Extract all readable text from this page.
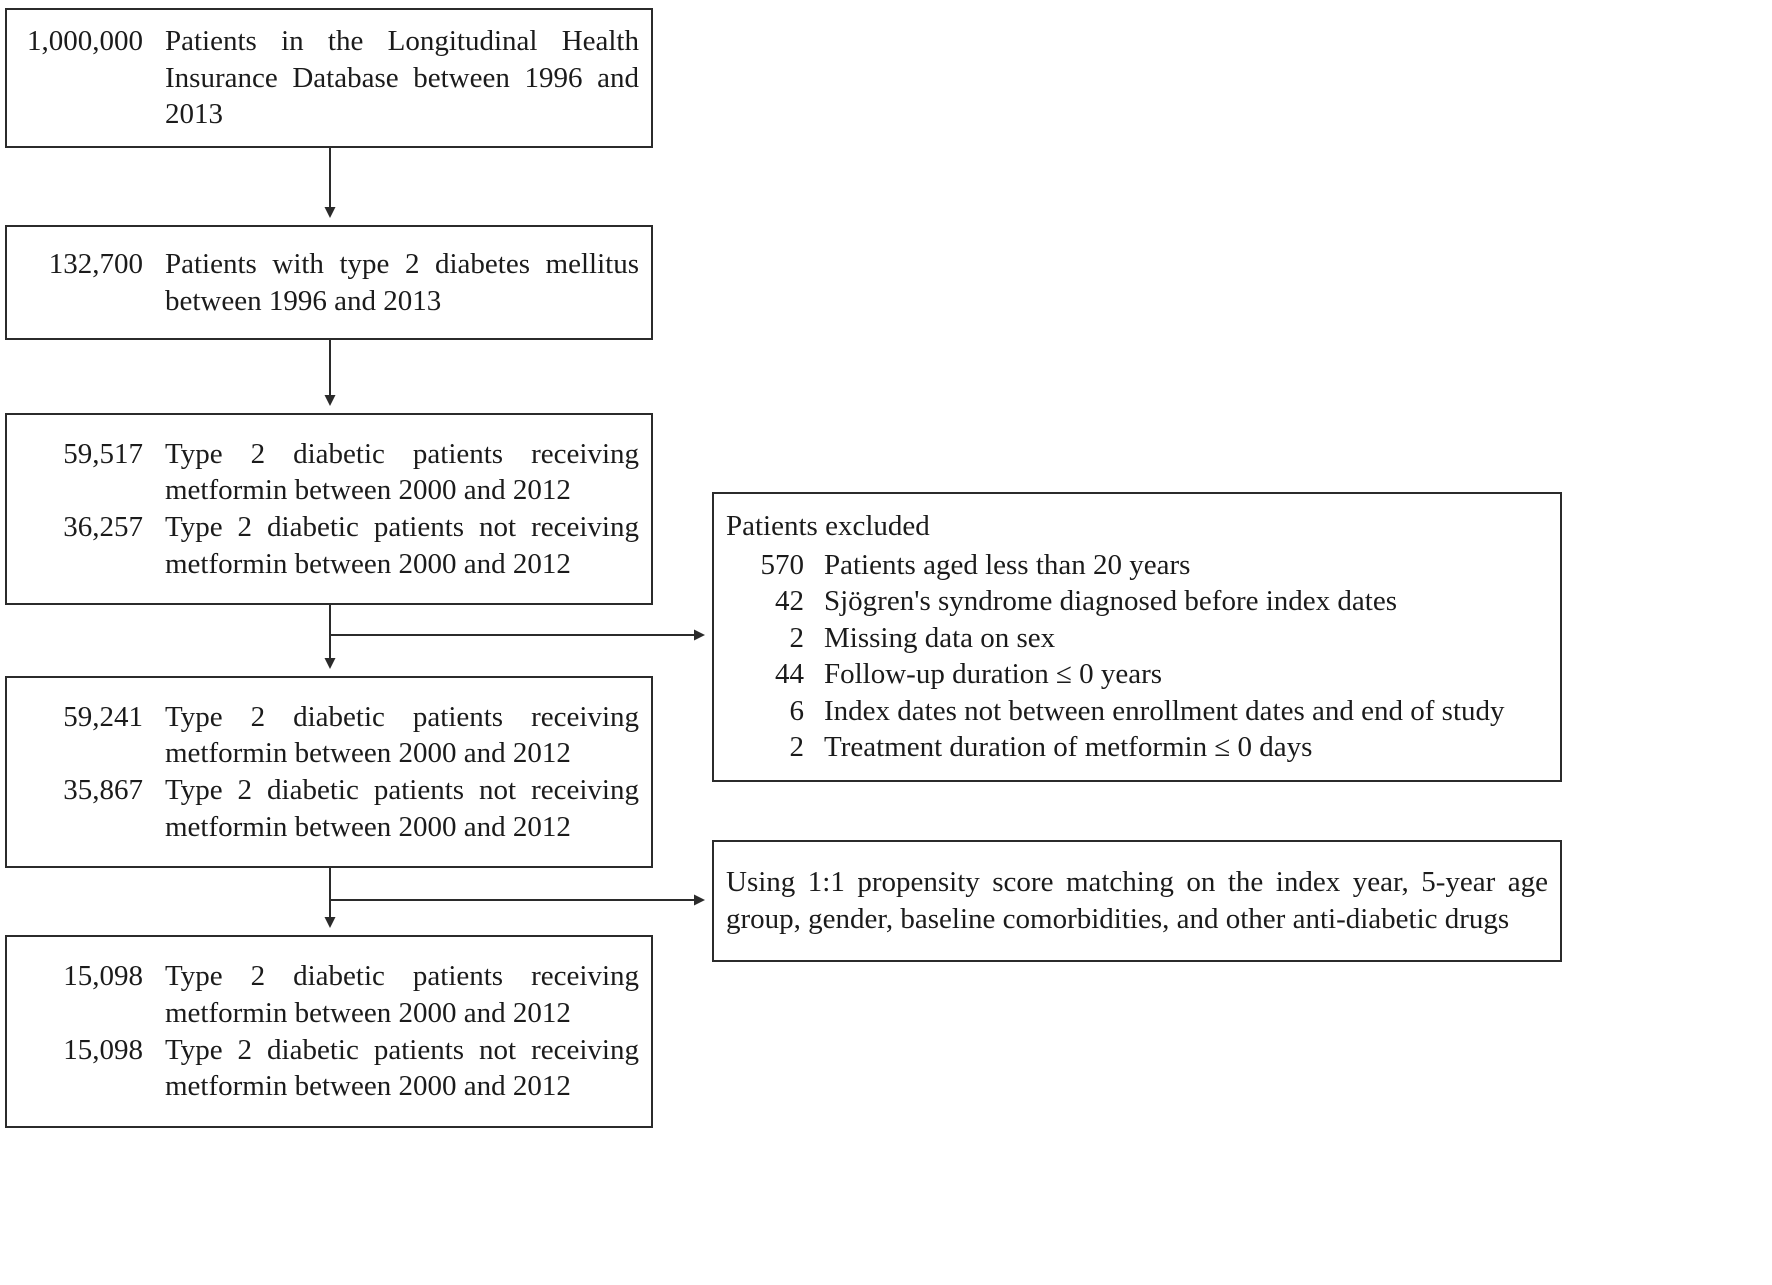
1,000,000 Patients in the Longitudinal Health Insurance Database between 1996 and 2013
132,700 Patients with type 2 diabetes mellitus between 1996 and 2013
59,517 Type 2 diabetic patients receiving metformin between 2000 and 2012
36,257 Type 2 diabetic patients not receiving metformin between 2000 and 2012
59,241 Type 2 diabetic patients receiving metformin between 2000 and 2012
35,867 Type 2 diabetic patients not receiving metformin between 2000 and 2012
15,098 Type 2 diabetic patients receiving metformin between 2000 and 2012
15,098 Type 2 diabetic patients not receiving metformin between 2000 and 2012
Patients excluded
570 Patients aged less than 20 years
42 Sjögren's syndrome diagnosed before index dates
2 Missing data on sex
44 Follow-up duration ≤ 0 years
6 Index dates not between enrollment dates and end of study
2 Treatment duration of metformin ≤ 0 days
Using 1:1 propensity score matching on the index year, 5-year age group, gender, baseline comorbidities, and other anti-diabetic drugs
